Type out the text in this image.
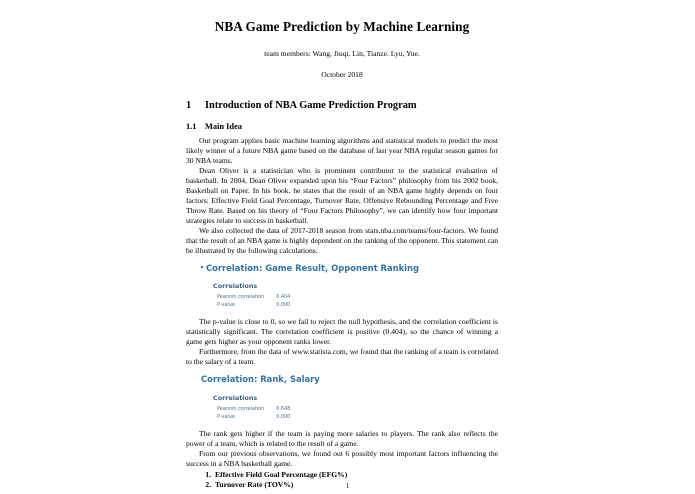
NBA Game Prediction by Machine Learning
team members: Wang, Jiuqi. Lin, Tianze. Lyu, Yue.
October 2018
1	Introduction of NBA Game Prediction Program
1.1	Main Idea

Our program applies basic machine learning algorithms and statistical models to predict the most likely winner of a future NBA game based on the database of last year NBA regular season games for 30 NBA teams.

Dean Oliver is a statistician who is prominent contributor to the statistical evaluation of basketball. In 2004, Dean Oliver expanded upon his “Four Factors” philosophy from his 2002 book, Basketball on Paper. In his book, he states that the result of an NBA game highly depends on four factors: Effective Field Goal Percentage, Turnover Rate, Offensive Rebounding Percentage and Free Throw Rate. Based on his theory of “Four Factors Philosophy”, we can identify how four important strategies relate to success in basketball.

We also collected the data of 2017-2018 season from stats.nba.com/teams/four-factors. We found that the result of an NBA game is highly dependent on the ranking of the opponent. This statement can be illustrated by the following calculations.

Correlation: Game Result, Opponent Ranking
Correlations
Pearson correlation	0.404
P-value	0.000
·

The p-value is close to 0, so we fail to reject the null hypothesis, and the correlation coefficient is statistically significant. The correlation coefficient is positive (0.404), so the chance of winning a game gets higher as your opponent ranks lower.

Furthermore, from the data of www.statista.com, we found that the ranking of a team is correlated to the salary of a team.

Correlation: Rank, Salary
Correlations
Pearson correlation	0.648
P-value	0.000
·

The rank gets higher if the team is paying more salaries to players. The rank also reflects the power of a team, which is related to the result of a game.

From our previous observations, we found out 6 possibly most important factors influencing the success in a NBA basketball game.

1. Effective Field Goal Percentage (EFG%)
2. Turnover Rate (TOV%)	1
